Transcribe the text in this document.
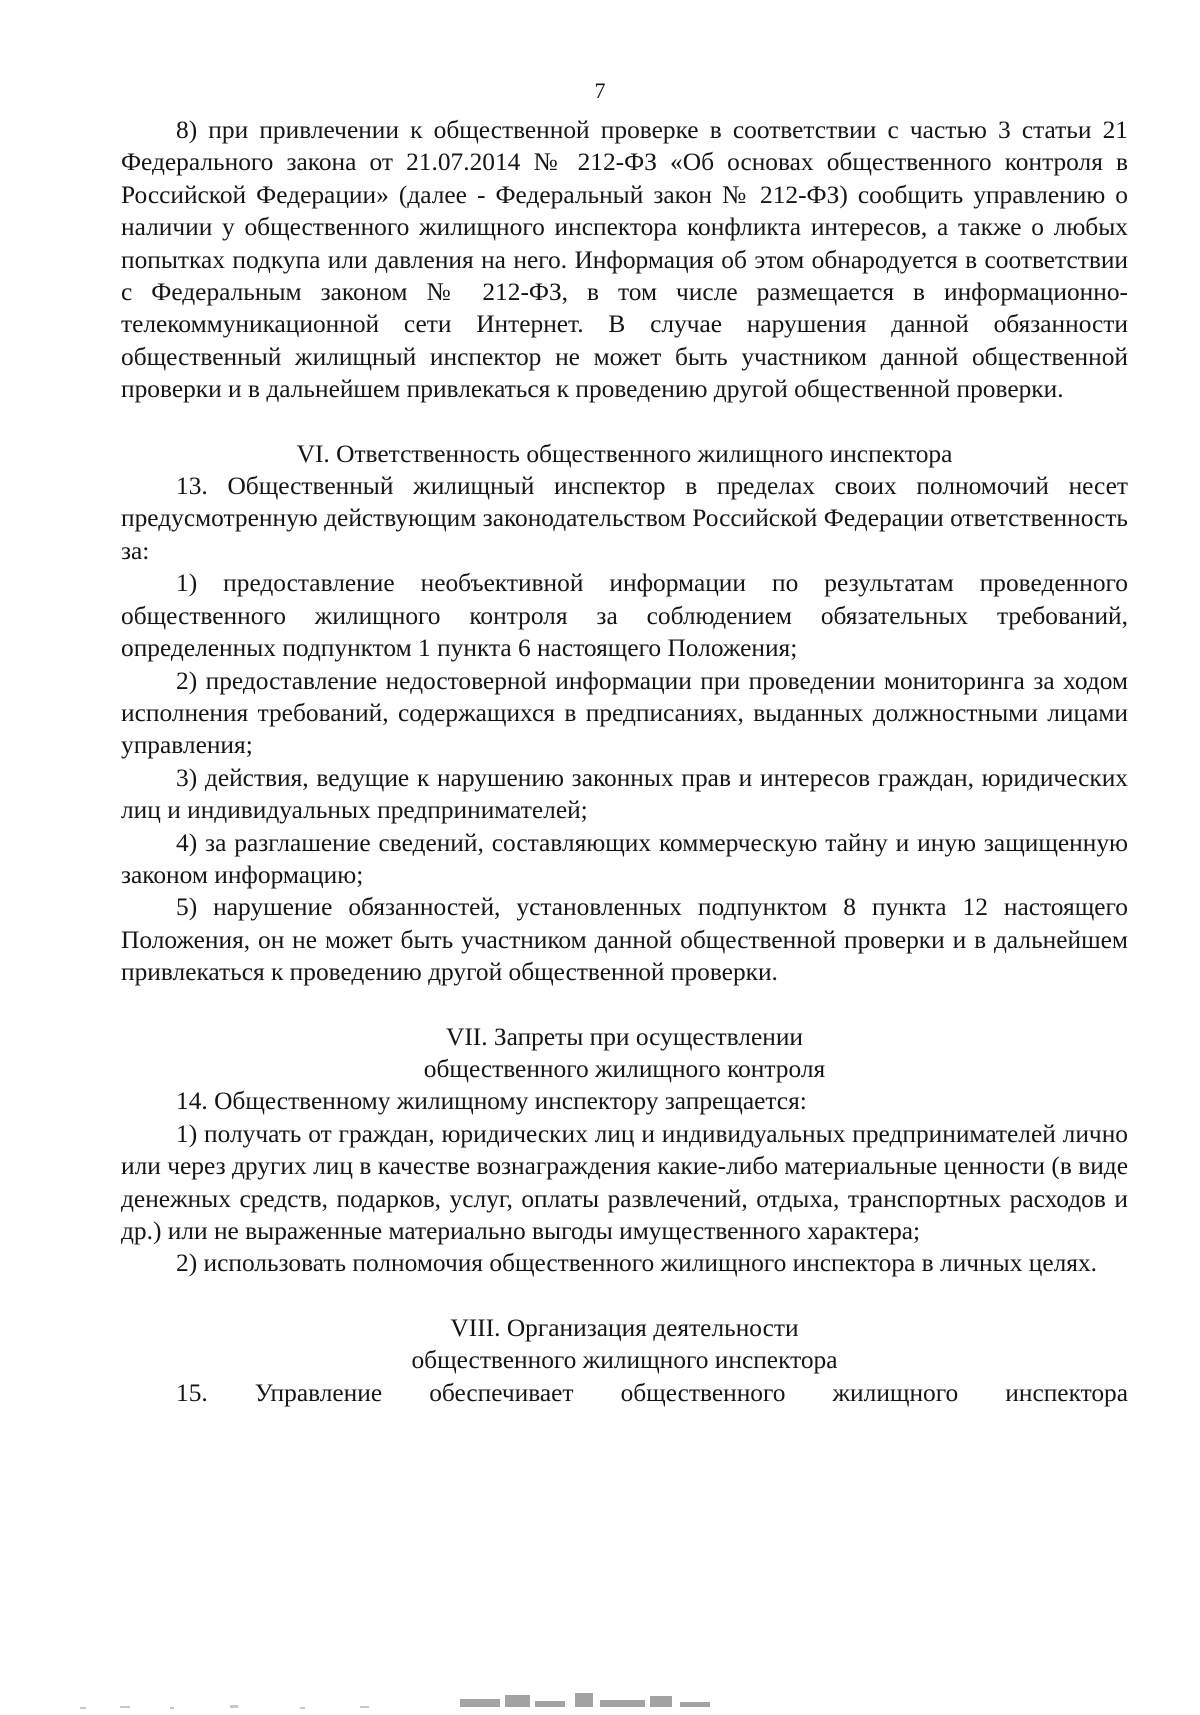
7

8) при привлечении к общественной проверке в соответствии с частью 3 статьи 21 Федерального закона от 21.07.2014 № 212-ФЗ «Об основах общественного контроля в Российской Федерации» (далее - Федеральный закон № 212-ФЗ) сообщить управлению о наличии у общественного жилищного инспектора конфликта интересов, а также о любых попытках подкупа или давления на него. Информация об этом обнародуется в соответствии с Федеральным законом № 212-ФЗ, в том числе размещается в информационно-телекоммуникационной сети Интернет. В случае нарушения данной обязанности общественный жилищный инспектор не может быть участником данной общественной проверки и в дальнейшем привлекаться к проведению другой общественной проверки.

VI. Ответственность общественного жилищного инспектора

13. Общественный жилищный инспектор в пределах своих полномочий несет предусмотренную действующим законодательством Российской Федерации ответственность за:

1) предоставление необъективной информации по результатам проведенного общественного жилищного контроля за соблюдением обязательных требований, определенных подпунктом 1 пункта 6 настоящего Положения;

2) предоставление недостоверной информации при проведении мониторинга за ходом исполнения требований, содержащихся в предписаниях, выданных должностными лицами управления;

3) действия, ведущие к нарушению законных прав и интересов граждан, юридических лиц и индивидуальных предпринимателей;

4) за разглашение сведений, составляющих коммерческую тайну и иную защищенную законом информацию;

5) нарушение обязанностей, установленных подпунктом 8 пункта 12 настоящего Положения, он не может быть участником данной общественной проверки и в дальнейшем привлекаться к проведению другой общественной проверки.

VII. Запреты при осуществлении

общественного жилищного контроля

14. Общественному жилищному инспектору запрещается:

1) получать от граждан, юридических лиц и индивидуальных предпринимателей лично или через других лиц в качестве вознаграждения какие-либо материальные ценности (в виде денежных средств, подарков, услуг, оплаты развлечений, отдыха, транспортных расходов и др.) или не выраженные материально выгоды имущественного характера;

2) использовать полномочия общественного жилищного инспектора в личных целях.

VIII. Организация деятельности

общественного жилищного инспектора

15. Управление обеспечивает общественного жилищного инспектора
